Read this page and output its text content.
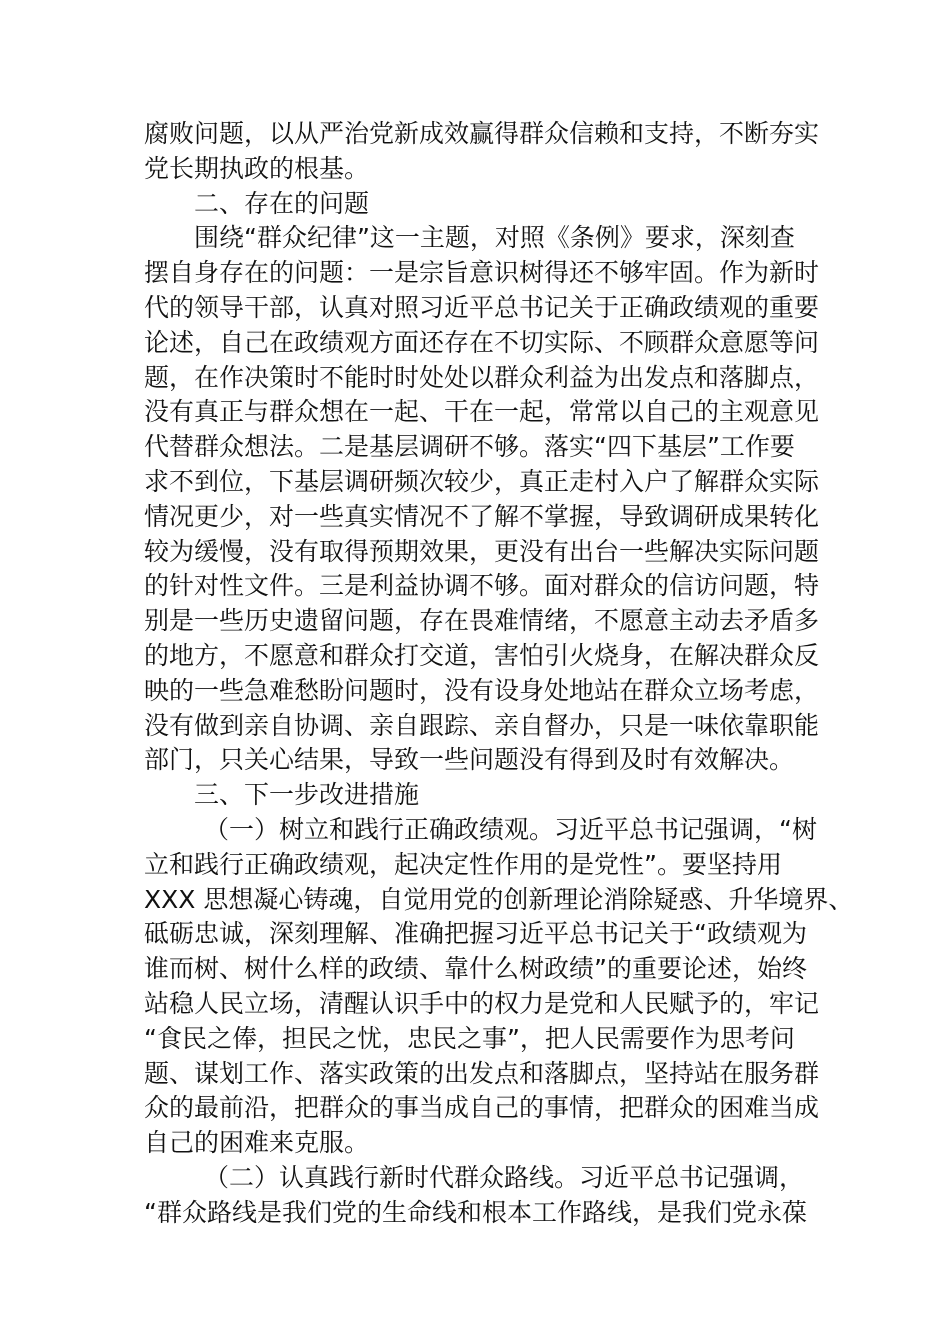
腐败问题，以从严治党新成效赢得群众信赖和支持，不断夯实
党长期执政的根基。
二、存在的问题
围绕“群众纪律”这一主题，对照《条例》要求，深刻查
摆自身存在的问题：一是宗旨意识树得还不够牢固。作为新时
代的领导干部，认真对照习近平总书记关于正确政绩观的重要
论述，自己在政绩观方面还存在不切实际、不顾群众意愿等问
题，在作决策时不能时时处处以群众利益为出发点和落脚点，
没有真正与群众想在一起、干在一起，常常以自己的主观意见
代替群众想法。二是基层调研不够。落实“四下基层”工作要
求不到位，下基层调研频次较少，真正走村入户了解群众实际
情况更少，对一些真实情况不了解不掌握，导致调研成果转化
较为缓慢，没有取得预期效果，更没有出台一些解决实际问题
的针对性文件。三是利益协调不够。面对群众的信访问题，特
别是一些历史遗留问题，存在畏难情绪，不愿意主动去矛盾多
的地方，不愿意和群众打交道，害怕引火烧身，在解决群众反
映的一些急难愁盼问题时，没有设身处地站在群众立场考虑，
没有做到亲自协调、亲自跟踪、亲自督办，只是一味依靠职能
部门，只关心结果，导致一些问题没有得到及时有效解决。
三、下一步改进措施
（一）树立和践行正确政绩观。习近平总书记强调，“树
立和践行正确政绩观，起决定性作用的是党性”。要坚持用
XXX 思想凝心铸魂，自觉用党的创新理论消除疑惑、升华境界、
砥砺忠诚，深刻理解、准确把握习近平总书记关于“政绩观为
谁而树、树什么样的政绩、靠什么树政绩”的重要论述，始终
站稳人民立场，清醒认识手中的权力是党和人民赋予的，牢记
“食民之俸，担民之忧，忠民之事”，把人民需要作为思考问
题、谋划工作、落实政策的出发点和落脚点，坚持站在服务群
众的最前沿，把群众的事当成自己的事情，把群众的困难当成
自己的困难来克服。
（二）认真践行新时代群众路线。习近平总书记强调，
“群众路线是我们党的生命线和根本工作路线，是我们党永葆
